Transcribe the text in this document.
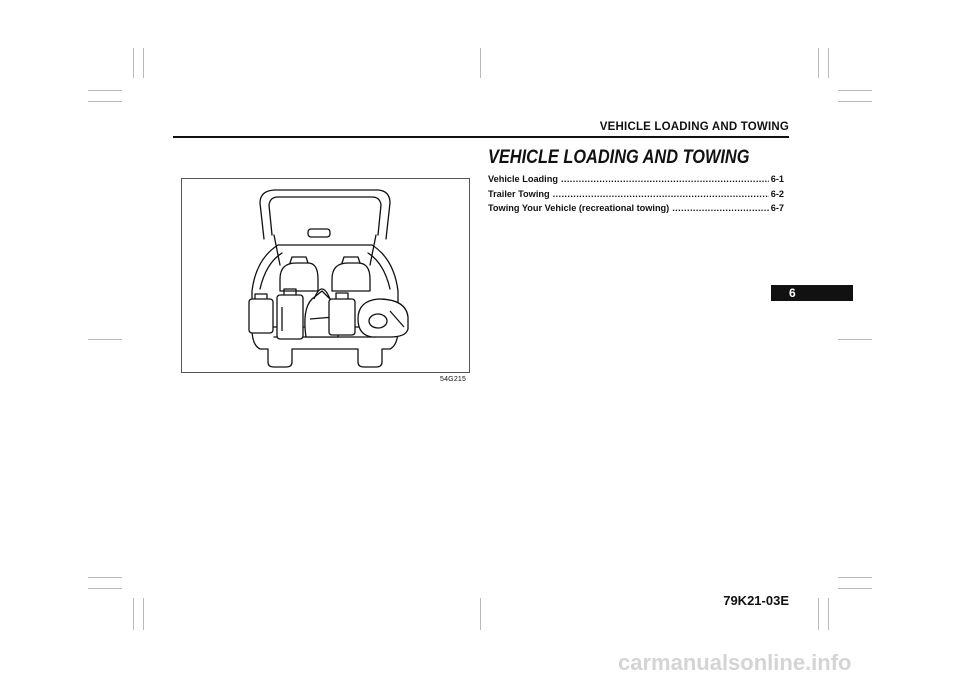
VEHICLE LOADING AND TOWING
54G215
VEHICLE LOADING AND TOWING
Vehicle Loading .....	6-1
Trailer Towing .....	6-2
Towing Your Vehicle (recreational towing) .....	6-7
6
79K21-03E
carmanualsonline.info
